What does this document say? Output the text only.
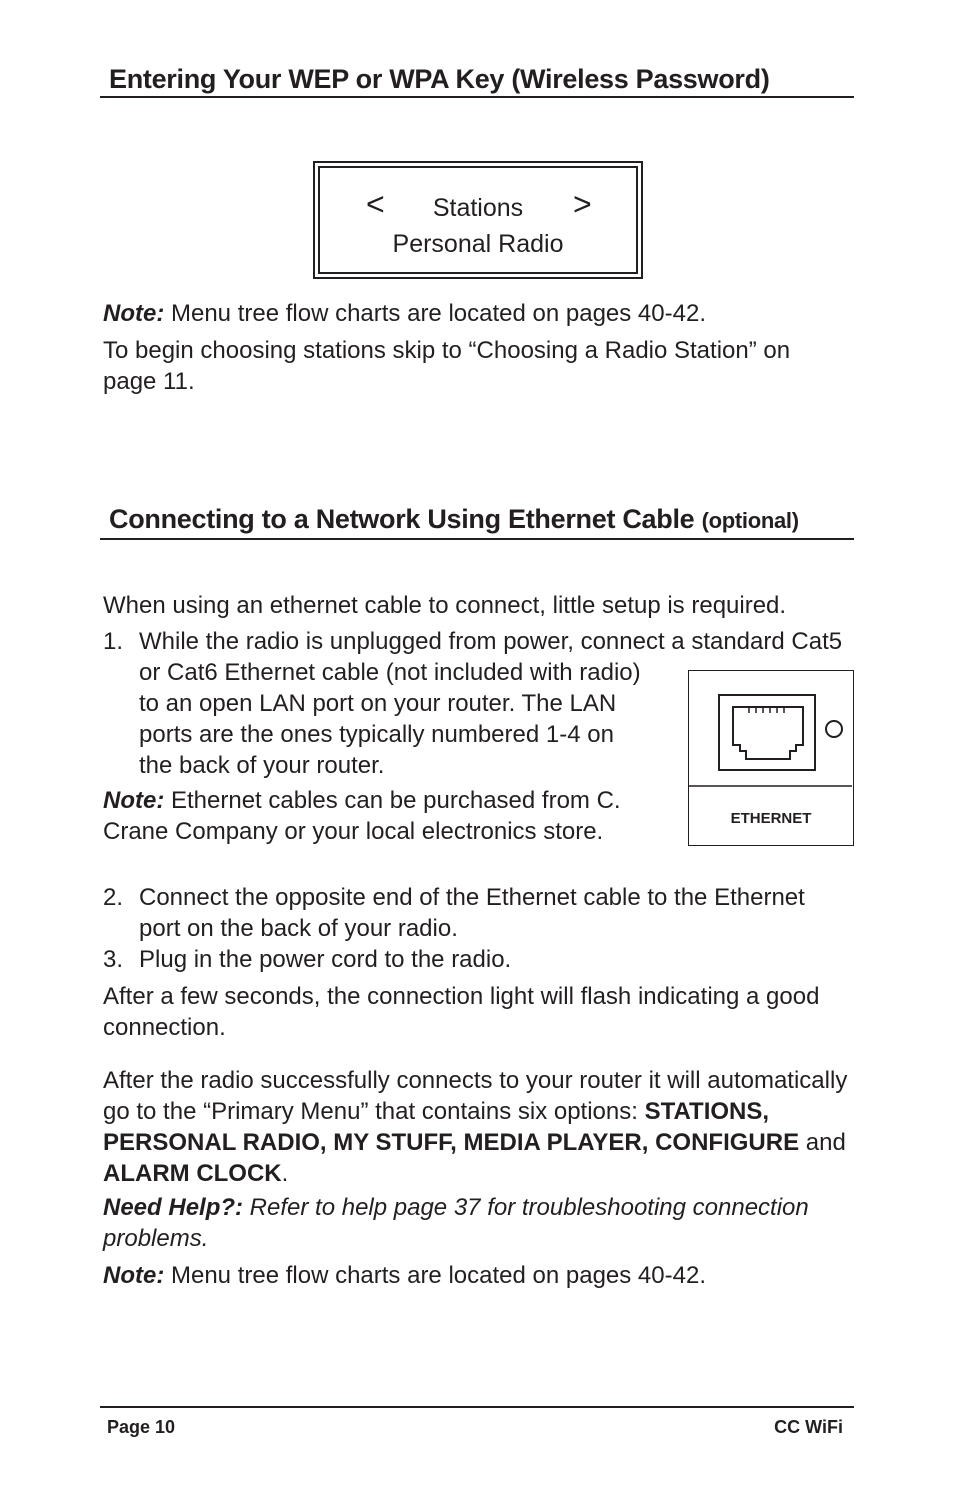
Entering Your WEP or WPA Key (Wireless Password)
<	Stations	>
Personal Radio
Note: Menu tree flow charts are located on pages 40-42.
To begin choosing stations skip to “Choosing a Radio Station” on page 11.
Connecting to a Network Using Ethernet Cable (optional)
When using an ethernet cable to connect, little setup is required.
1. While the radio is unplugged from power, connect a standard Cat5
or Cat6 Ethernet cable (not included with radio) to an open LAN port on your router. The LAN ports are the ones typically numbered 1-4 on the back of your router.
Note: Ethernet cables can be purchased from C. Crane Company or your local electronics store.	ETHERNET
2. Connect the opposite end of the Ethernet cable to the Ethernet port on the back of your radio.
3. Plug in the power cord to the radio.
After a few seconds, the connection light will flash indicating a good connection.
After the radio successfully connects to your router it will automatically go to the “Primary Menu” that contains six options: STATIONS, PERSONAL RADIO, MY STUFF, MEDIA PLAYER, CONFIGURE and ALARM CLOCK.
Need Help?: Refer to help page 37 for troubleshooting connection problems.
Note: Menu tree flow charts are located on pages 40-42.
Page 10	CC WiFi
